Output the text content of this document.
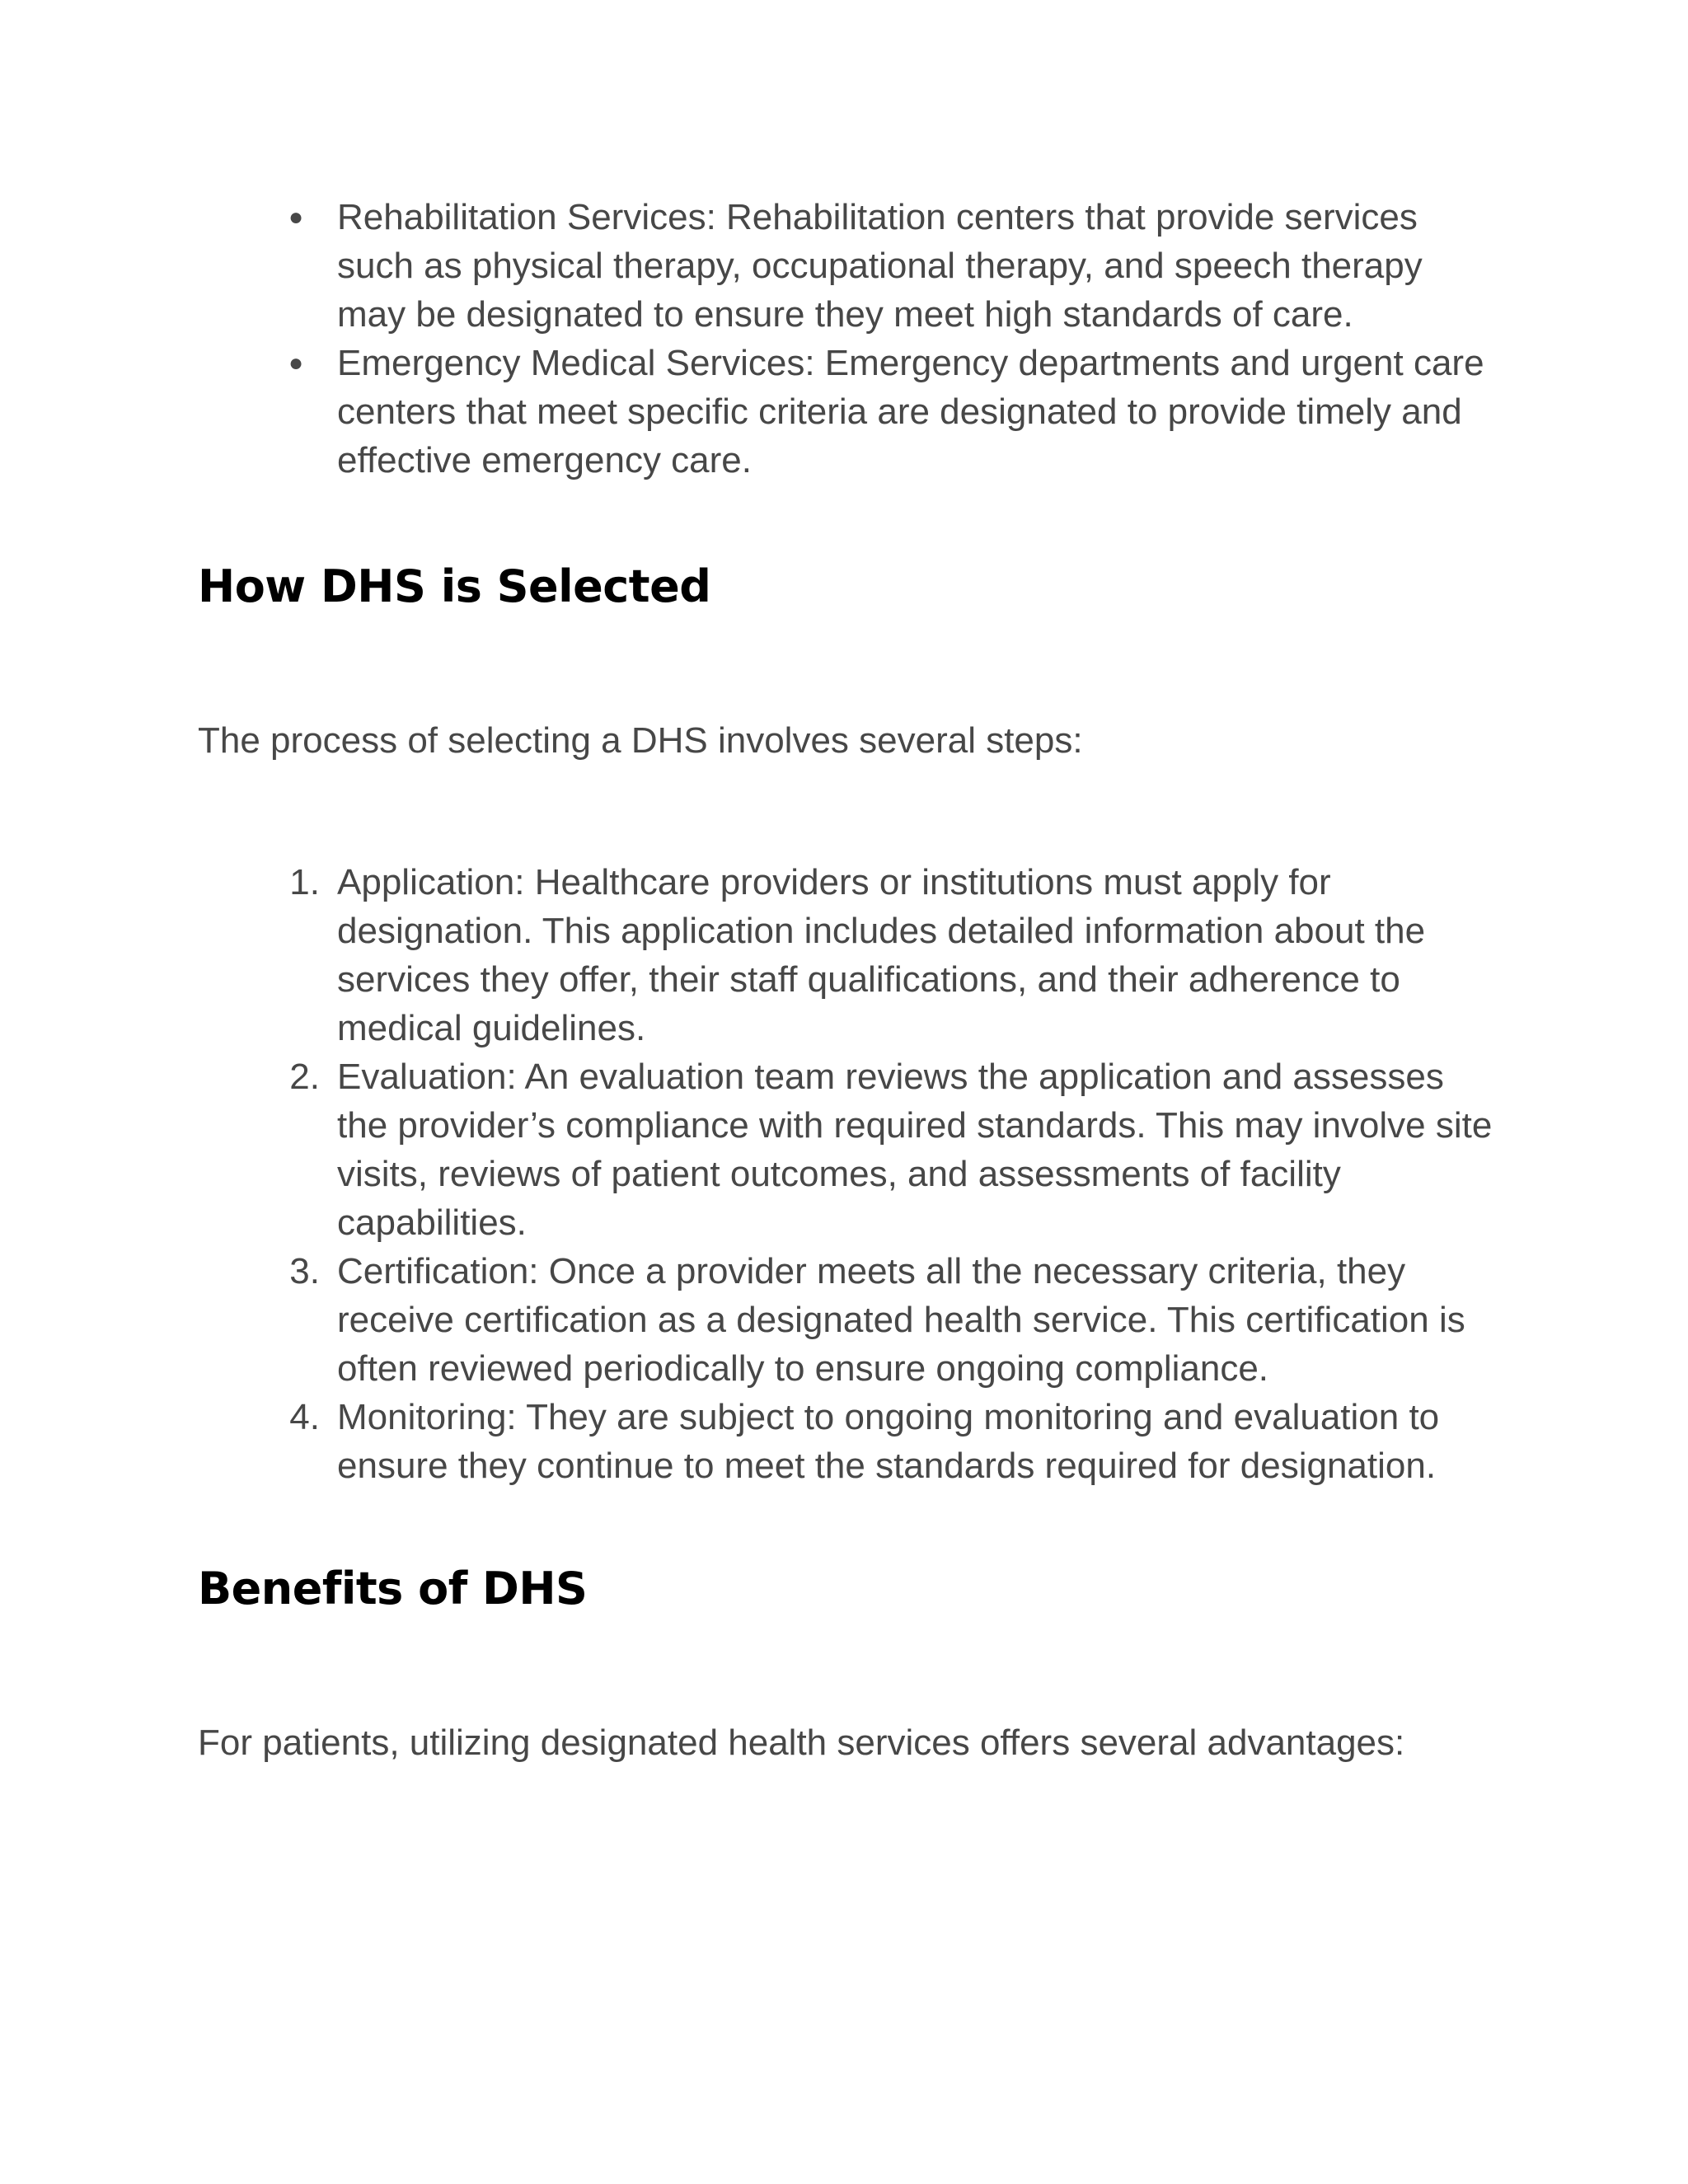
● Rehabilitation Services: Rehabilitation centers that provide services such as physical therapy, occupational therapy, and speech therapy may be designated to ensure they meet high standards of care.
● Emergency Medical Services: Emergency departments and urgent care centers that meet specific criteria are designated to provide timely and effective emergency care.
How DHS is Selected

The process of selecting a DHS involves several steps:

1. Application: Healthcare providers or institutions must apply for designation. This application includes detailed information about the services they offer, their staff qualifications, and their adherence to medical guidelines.
2. Evaluation: An evaluation team reviews the application and assesses the provider’s compliance with required standards. This may involve site visits, reviews of patient outcomes, and assessments of facility capabilities.
3. Certification: Once a provider meets all the necessary criteria, they receive certification as a designated health service. This certification is often reviewed periodically to ensure ongoing compliance.
4. Monitoring: They are subject to ongoing monitoring and evaluation to ensure they continue to meet the standards required for designation.
Benefits of DHS

For patients, utilizing designated health services offers several advantages:
